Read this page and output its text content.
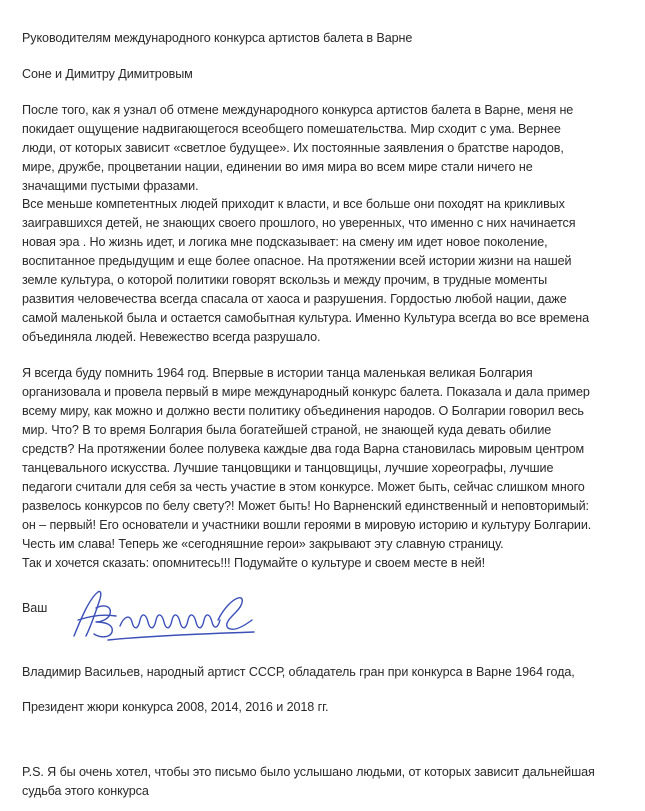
Руководителям международного конкурса артистов балета в Варне
Соне и Димитру Димитровым
После того, как я узнал об отмене международного конкурса артистов балета в Варне, меня не
покидает ощущение надвигающегося всеобщего помешательства. Мир сходит с ума. Вернее
люди, от которых зависит «светлое будущее». Их постоянные заявления о братстве народов,
мире, дружбе, процветании нации, единении во имя мира во всем мире стали ничего не
значащими пустыми фразами.
Все меньше компетентных людей приходит к власти, и все больше они походят на крикливых
заигравшихся детей, не знающих своего прошлого, но уверенных, что именно с них начинается
новая эра . Но жизнь идет, и логика мне подсказывает: на смену им идет новое поколение,
воспитанное предыдущим и еще более опасное. На протяжении всей истории жизни на нашей
земле культура, о которой политики говорят вскользь и между прочим, в трудные моменты
развития человечества всегда спасала от хаоса и разрушения. Гордостью любой нации, даже
самой маленькой была и остается самобытная культура. Именно Культура всегда во все времена
объединяла людей. Невежество всегда разрушало.
Я всегда буду помнить 1964 год. Впервые в истории танца маленькая великая Болгария
организовала и провела первый в мире международный конкурс балета. Показала и дала пример
всему миру, как можно и должно вести политику объединения народов. О Болгарии говорил весь
мир. Что? В то время Болгария была богатейшей страной, не знающей куда девать обилие
средств? На протяжении более полувека каждые два года Варна становилась мировым центром
танцевального искусства. Лучшие танцовщики и танцовщицы, лучшие хореографы, лучшие
педагоги считали для себя за честь участие в этом конкурсе. Может быть, сейчас слишком много
развелось конкурсов по белу свету?! Может быть! Но Варненский единственный и неповторимый:
он – первый! Его основатели и участники вошли героями в мировую историю и культуру Болгарии.
Честь им слава! Теперь же «сегодняшние герои» закрывают эту славную страницу.
Так и хочется сказать: опомнитесь!!! Подумайте о культуре и своем месте в ней!
Ваш
Владимир Васильев, народный артист СССР, обладатель гран при конкурса в Варне 1964 года,
Президент жюри конкурса 2008, 2014, 2016 и 2018 гг.
P.S. Я бы очень хотел, чтобы это письмо было услышано людьми, от которых зависит дальнейшая
судьба этого конкурса
